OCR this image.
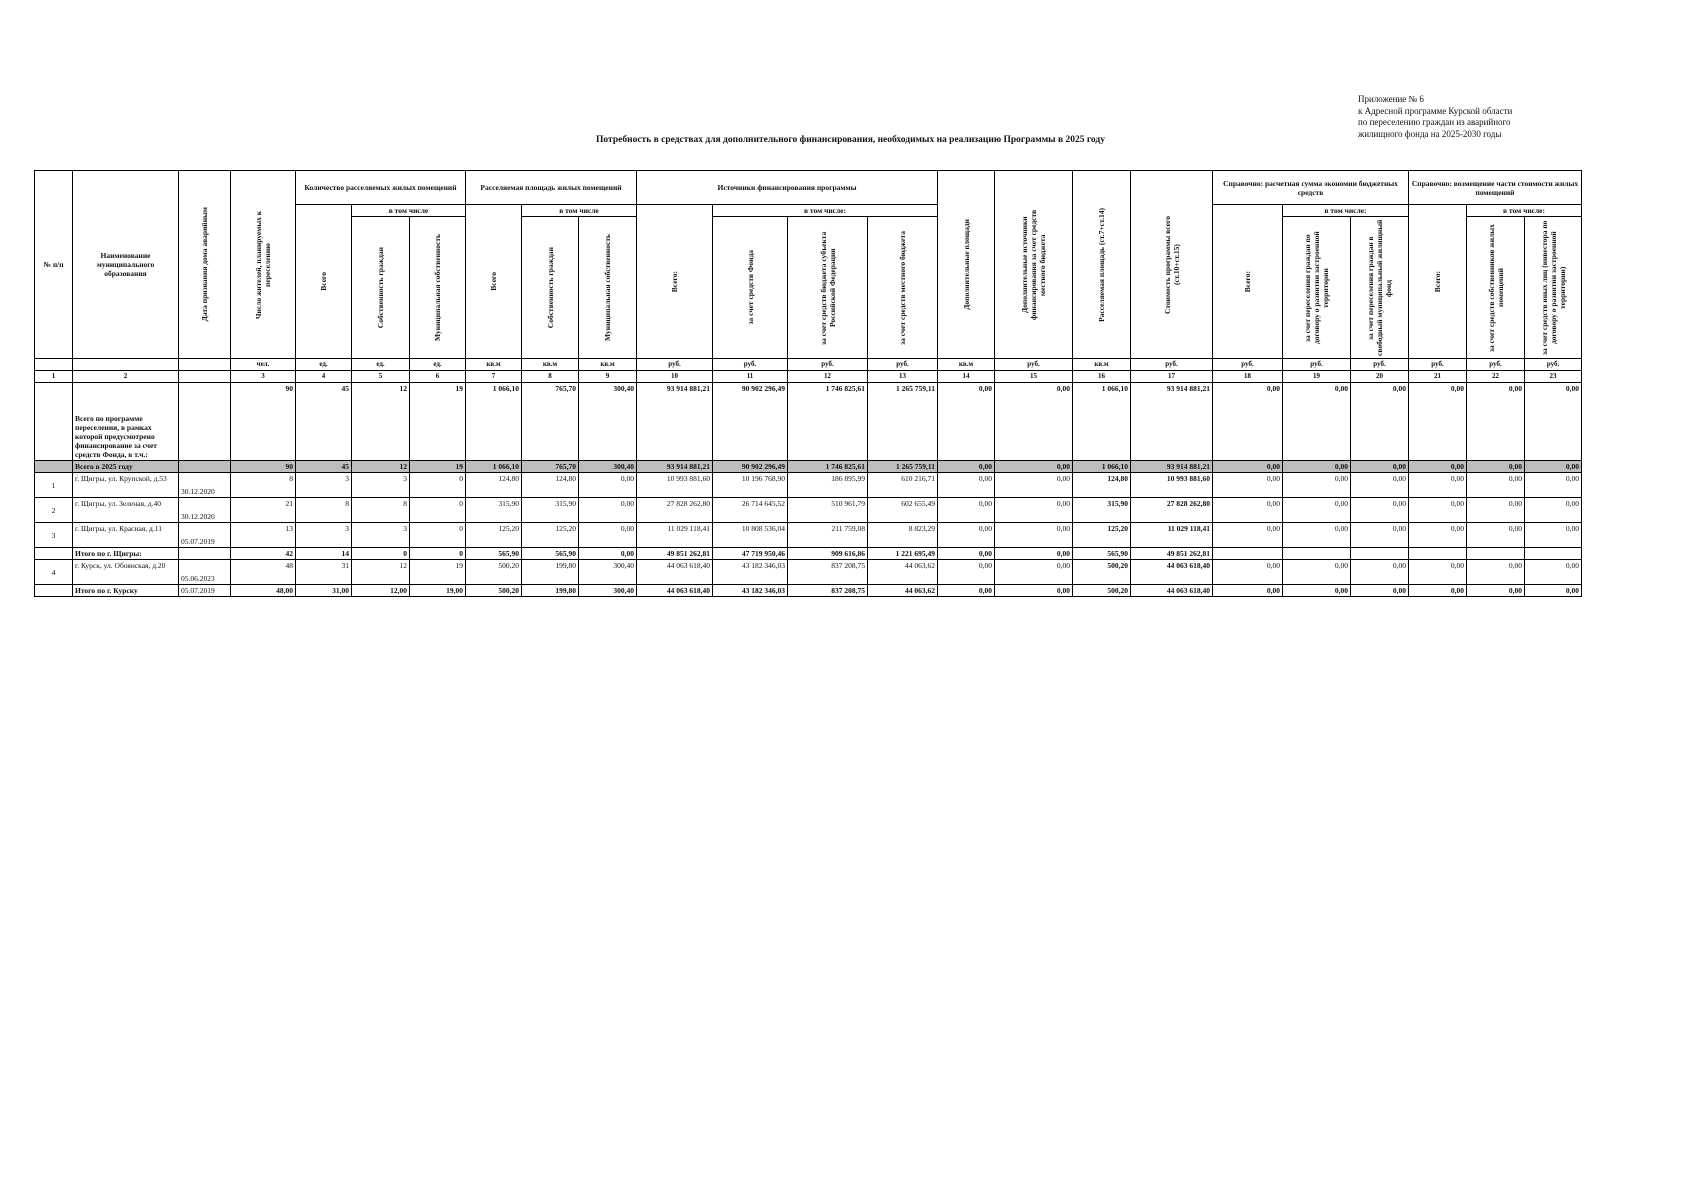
Приложение № 6
к Адресной программе Курской области
по переселению граждан из аварийного
жилищного фонда на 2025-2030 годы
Потребность в средствах для дополнительного финансирования, необходимых на реализацию Программы в 2025 году
№ п/п	Наименование муниципального образования	Дата признания дома аварийным	Число жителей, планируемых к переселению	Количество расселяемых жилых помещений			Расселяемая площадь жилых помещений			Источники финансирования программы				Дополнительные площади	Дополнительные источники финансирования за счет средств местного бюджета	Расселяемая площадь (ст.7+ст.14)	Стоимость программы всего (ст.10+ст.15)	Справочно: расчетная сумма экономии бюджетных средств			Справочно: возмещение части стоимости жилых помещений		

				Всего	в том числе		Всего	в том числе		Всего:	в том числе:							Всего:	в том числе:		Всего:	в том числе:	

					Собственность граждан	Муниципальная собственность		Собственность граждан	Муниципальная собственность		за счет средств Фонда	за счет средств бюджета субъекта Российской Федерации	за счет средств местного бюджета						за счет переселения граждан по договору о развитии застроенной территории	за счет переселения граждан в свободный муниципальный жилищный фонд		за счет средств собственников жилых помещений	за счет средств иных лиц (инвестора по договору о развитии застроенной территории)

			чел.	ед.	ед.	ед.	кв.м	кв.м	кв.м	руб.	руб.	руб.	руб.	кв.м	руб.	кв.м	руб.	руб.	руб.	руб.	руб.	руб.	руб.
1	2		3	4	5	6	7	8	9	10	11	12	13	14	15	16	17	18	19	20	21	22	23
	Всего по программе переселения, в рамках которой предусмотрено финансирование за счет средств Фонда, в т.ч.:		90	45	12	19	1 066,10	765,70	300,40	93 914 881,21	90 902 296,49	1 746 825,61	1 265 759,11	0,00	0,00	1 066,10	93 914 881,21	0,00	0,00	0,00	0,00	0,00	0,00
	Всего в 2025 году		90	45	12	19	1 066,10	765,70	300,40	93 914 881,21	90 902 296,49	1 746 825,61	1 265 759,11	0,00	0,00	1 066,10	93 914 881,21	0,00	0,00	0,00	0,00	0,00	0,00
1	г. Щигры, ул. Крупской, д.53	30.12.2020	8	3	3	0	124,80	124,80	0,00	10 993 881,60	10 196 768,90	186 895,99	610 216,71	0,00	0,00	124,80	10 993 881,60	0,00	0,00	0,00	0,00	0,00	0,00
2	г. Щигры, ул. Зеленая, д.40	30.12.2020	21	8	8	0	315,90	315,90	0,00	27 828 262,80	26 714 645,52	510 961,79	602 655,49	0,00	0,00	315,90	27 828 262,80	0,00	0,00	0,00	0,00	0,00	0,00
3	г. Щигры, ул. Красная, д.11	05.07.2019	13	3	3	0	125,20	125,20	0,00	11 029 118,41	10 808 536,04	211 759,08	8 823,29	0,00	0,00	125,20	11 029 118,41	0,00	0,00	0,00	0,00	0,00	0,00
	Итого по г. Щигры:		42	14	0	0	565,90	565,90	0,00	49 851 262,81	47 719 950,46	909 616,86	1 221 695,49	0,00	0,00	565,90	49 851 262,81						
4	г. Курск, ул. Обоянская, д.20	05.06.2023	48	31	12	19	500,20	199,80	300,40	44 063 618,40	43 182 346,03	837 208,75	44 063,62	0,00	0,00	500,20	44 063 618,40	0,00	0,00	0,00	0,00	0,00	0,00
	Итого по г. Курску	05.07.2019	48,00	31,00	12,00	19,00	500,20	199,80	300,40	44 063 618,40	43 182 346,03	837 208,75	44 063,62	0,00	0,00	500,20	44 063 618,40	0,00	0,00	0,00	0,00	0,00	0,00
